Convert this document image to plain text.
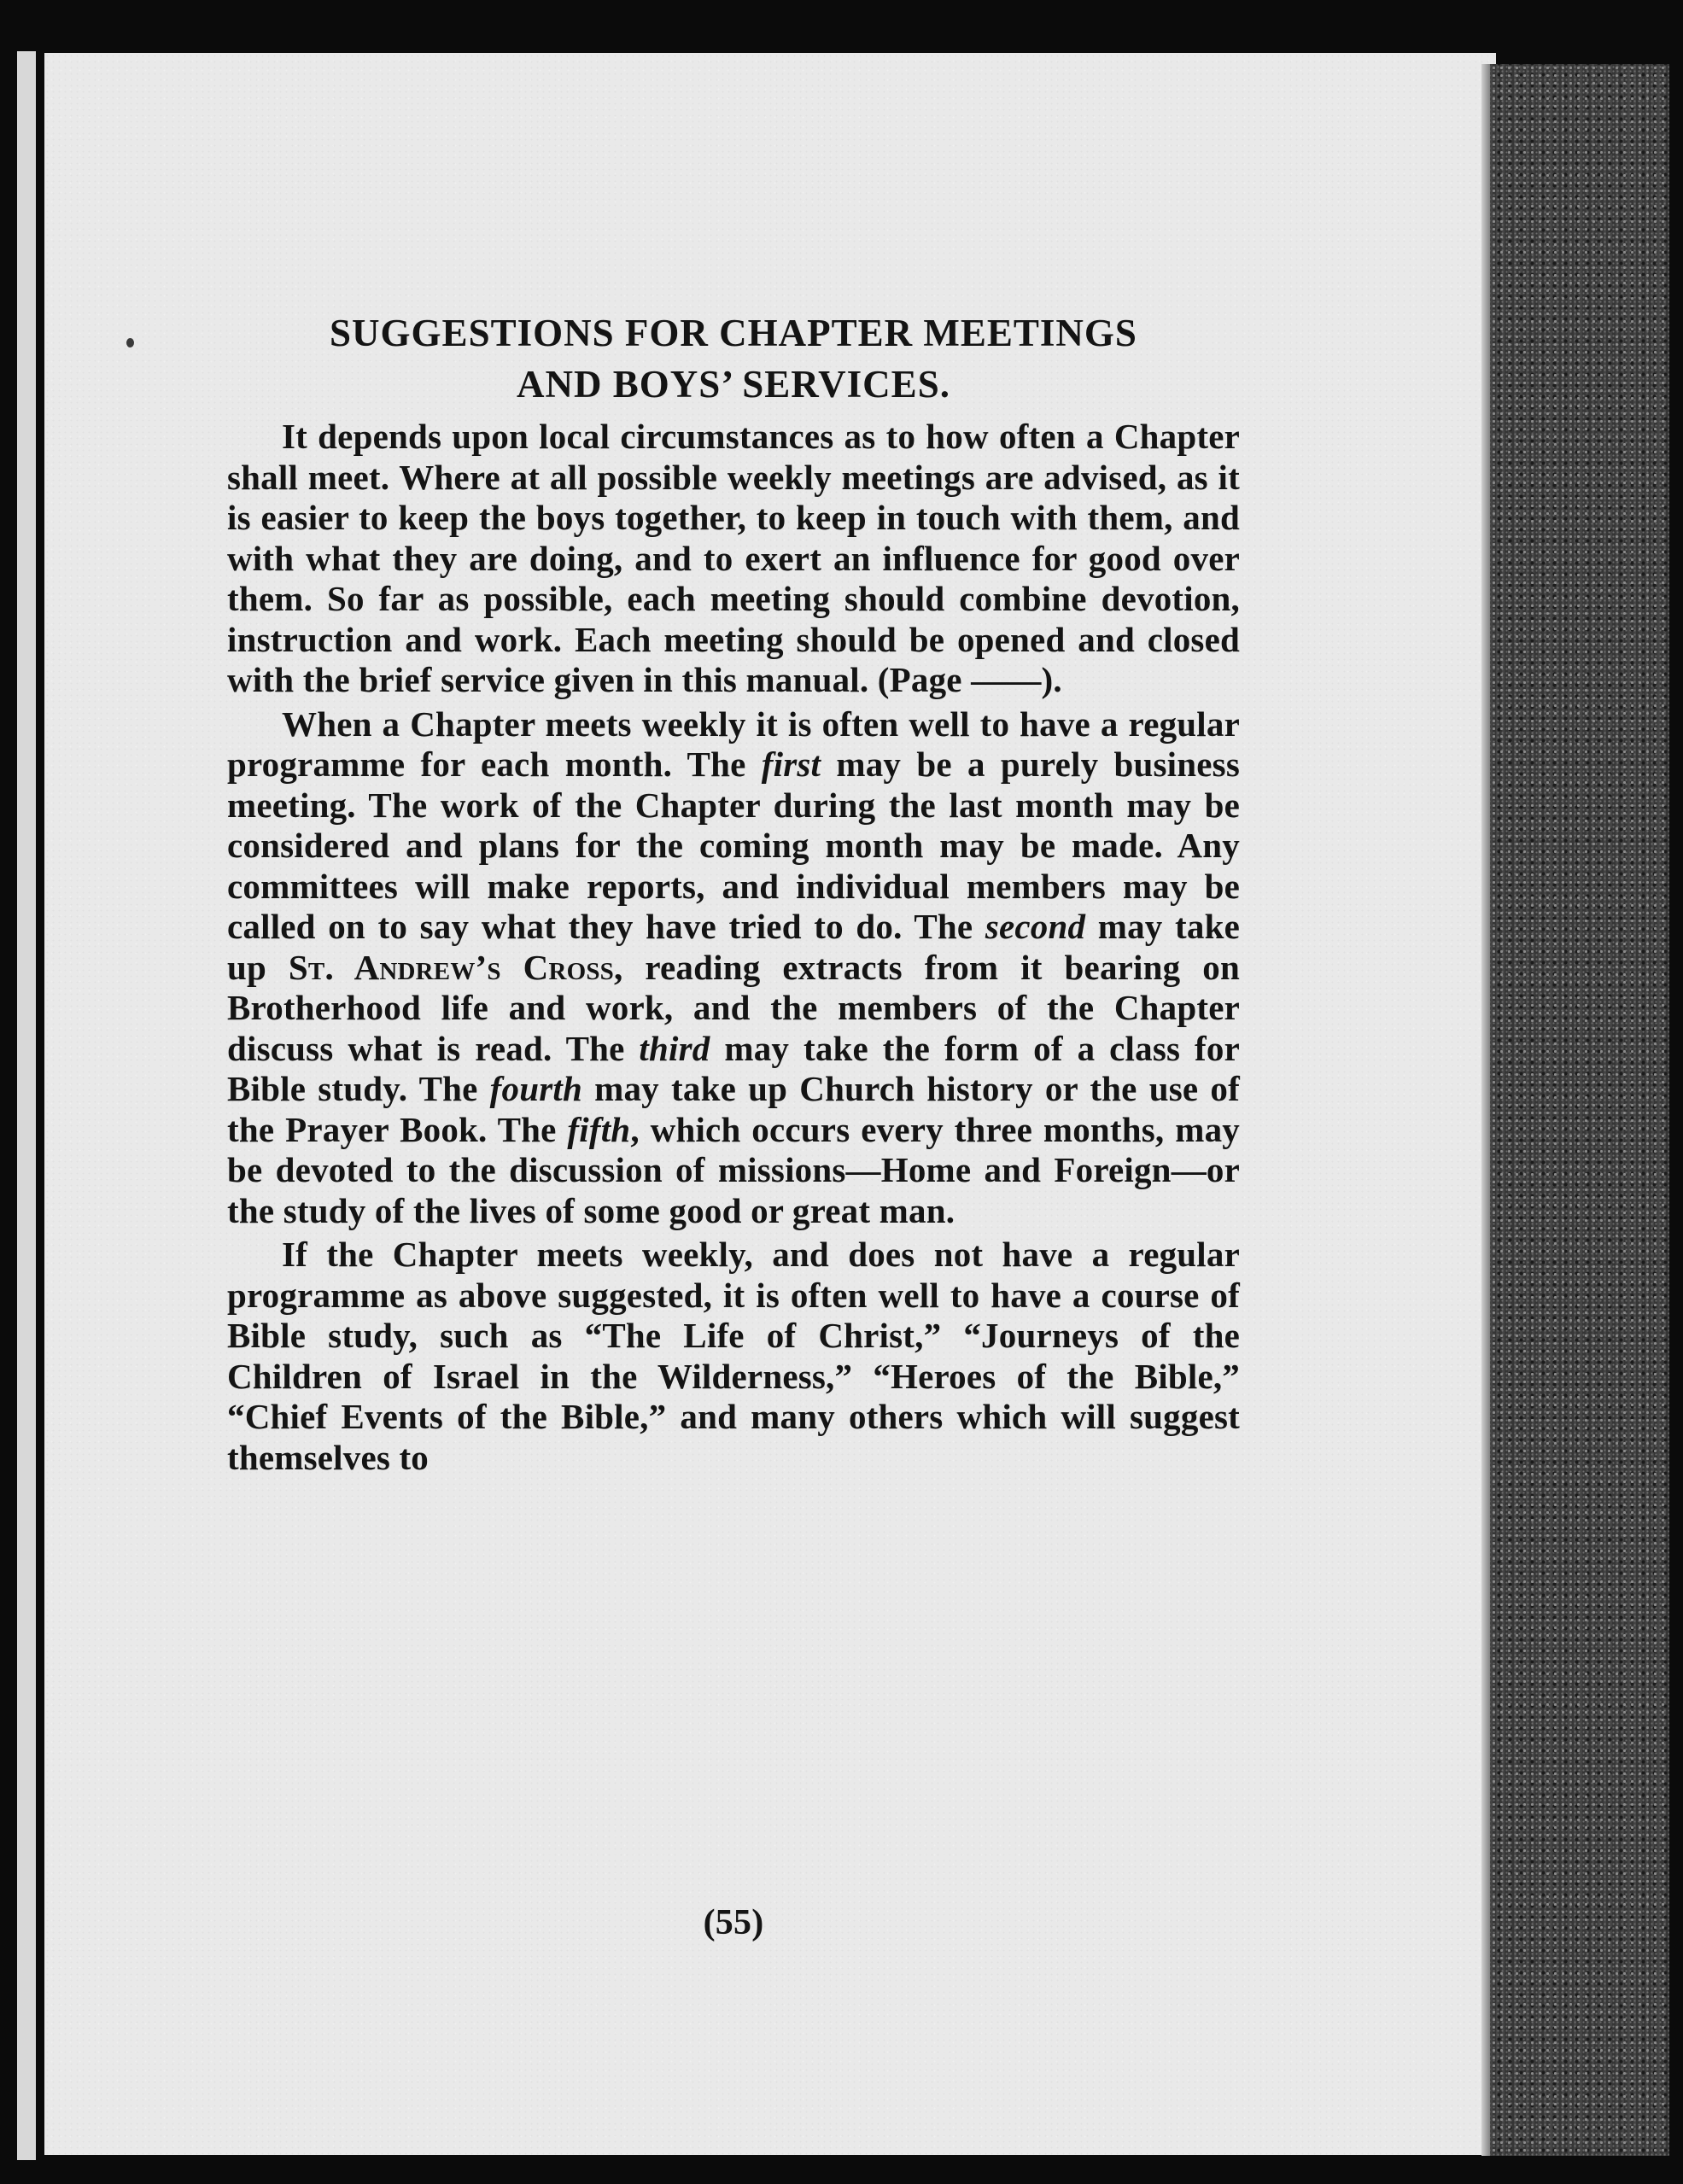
SUGGESTIONS FOR CHAPTER MEETINGS
AND BOYS’ SERVICES.

It depends upon local circumstances as to how often a Chapter shall meet. Where at all possible weekly meetings are advised, as it is easier to keep the boys together, to keep in touch with them, and with what they are doing, and to exert an influence for good over them. So far as possible, each meeting should combine devotion, instruction and work. Each meeting should be opened and closed with the brief service given in this manual. (Page ——).

When a Chapter meets weekly it is often well to have a regular programme for each month. The first may be a purely business meeting. The work of the Chapter during the last month may be considered and plans for the coming month may be made. Any committees will make reports, and individual members may be called on to say what they have tried to do. The second may take up St. Andrew’s Cross, reading extracts from it bearing on Brotherhood life and work, and the members of the Chapter discuss what is read. The third may take the form of a class for Bible study. The fourth may take up Church history or the use of the Prayer Book. The fifth, which occurs every three months, may be devoted to the discussion of missions—Home and Foreign—or the study of the lives of some good or great man.

If the Chapter meets weekly, and does not have a regular programme as above suggested, it is often well to have a course of Bible study, such as “The Life of Christ,” “Journeys of the Children of Israel in the Wilderness,” “Heroes of the Bible,” “Chief Events of the Bible,” and many others which will suggest themselves to

(55)
